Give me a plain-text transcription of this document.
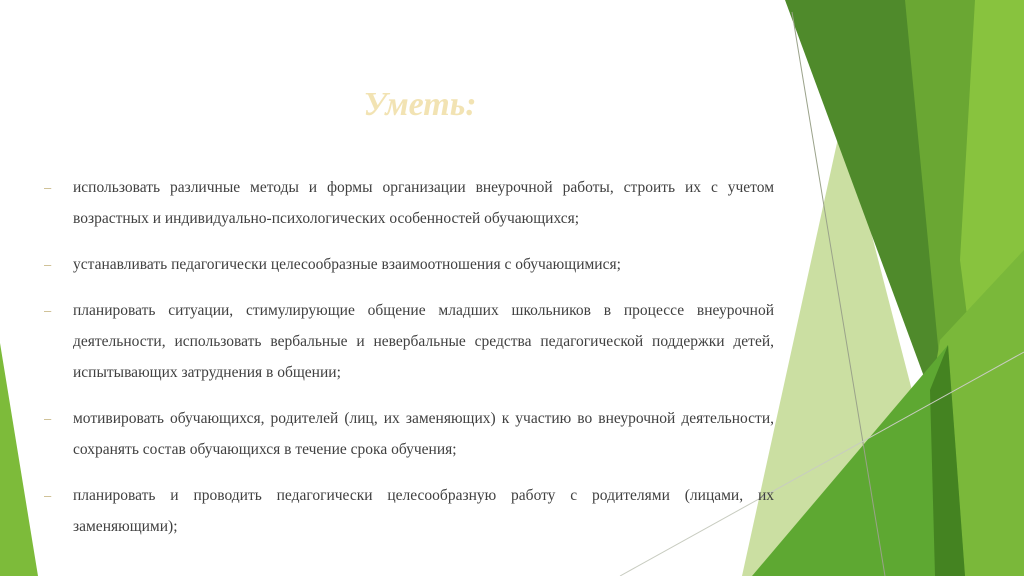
Уметь:
–	использовать различные методы и формы организации внеурочной работы, строить их с учетом возрастных и индивидуально-психологических особенностей обучающихся;

–	устанавливать педагогически целесообразные взаимоотношения с обучающимися;

–	планировать ситуации, стимулирующие общение младших школьников в процессе внеурочной деятельности, использовать вербальные и невербальные средства педагогической поддержки детей, испытывающих затруднения в общении;

–	мотивировать обучающихся, родителей (лиц, их заменяющих) к участию во внеурочной деятельности, сохранять состав обучающихся в течение срока обучения;

–	планировать и проводить педагогически целесообразную работу с родителями (лицами, их заменяющими);
